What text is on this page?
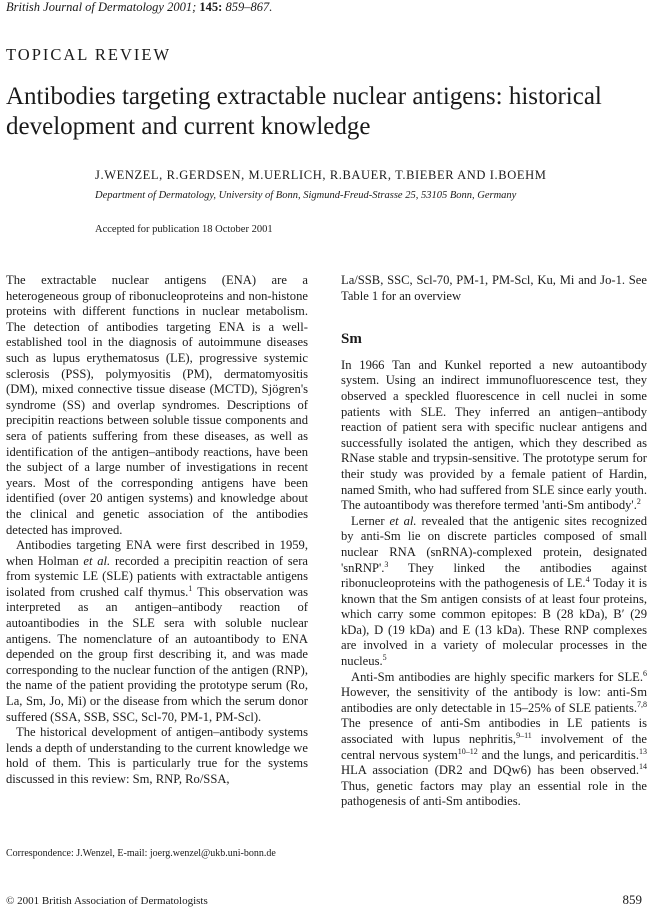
British Journal of Dermatology 2001; 145: 859–867.
TOPICAL REVIEW
Antibodies targeting extractable nuclear antigens: historical development and current knowledge
J.WENZEL, R.GERDSEN, M.UERLICH, R.BAUER, T.BIEBER AND I.BOEHM
Department of Dermatology, University of Bonn, Sigmund-Freud-Strasse 25, 53105 Bonn, Germany
Accepted for publication 18 October 2001

The extractable nuclear antigens (ENA) are a heterogeneous group of ribonucleoproteins and non-histone proteins with different functions in nuclear metabolism. The detection of antibodies targeting ENA is a well-established tool in the diagnosis of autoimmune diseases such as lupus erythematosus (LE), progressive systemic sclerosis (PSS), polymyositis (PM), dermatomyositis (DM), mixed connective tissue disease (MCTD), Sjögren's syndrome (SS) and overlap syndromes. Descriptions of precipitin reactions between soluble tissue components and sera of patients suffering from these diseases, as well as identification of the antigen–antibody reactions, have been the subject of a large number of investigations in recent years. Most of the corresponding antigens have been identified (over 20 antigen systems) and knowledge about the clinical and genetic association of the antibodies detected has improved.

Antibodies targeting ENA were first described in 1959, when Holman et al. recorded a precipitin reaction of sera from systemic LE (SLE) patients with extractable antigens isolated from crushed calf thymus.$^1$ This observation was interpreted as an antigen–antibody reaction of autoantibodies in the SLE sera with soluble nuclear antigens. The nomenclature of an autoantibody to ENA depended on the group first describing it, and was made corresponding to the nuclear function of the antigen (RNP), the name of the patient providing the prototype serum (Ro, La, Sm, Jo, Mi) or the disease from which the serum donor suffered (SSA, SSB, SSC, Scl-70, PM-1, PM-Scl).

The historical development of antigen–antibody systems lends a depth of understanding to the current knowledge we hold of them. This is particularly true for the systems discussed in this review: Sm, RNP, Ro/SSA,

La/SSB, SSC, Scl-70, PM-1, PM-Scl, Ku, Mi and Jo-1. See Table 1 for an overview

Sm

In 1966 Tan and Kunkel reported a new autoantibody system. Using an indirect immunofluorescence test, they observed a speckled fluorescence in cell nuclei in some patients with SLE. They inferred an antigen–antibody reaction of patient sera with specific nuclear antigens and successfully isolated the antigen, which they described as RNase stable and trypsin-sensitive. The prototype serum for their study was provided by a female patient of Hardin, named Smith, who had suffered from SLE since early youth. The autoantibody was therefore termed 'anti-Sm antibody'.$^2$

Lerner et al. revealed that the antigenic sites recognized by anti-Sm lie on discrete particles composed of small nuclear RNA (snRNA)-complexed protein, designated 'snRNP'.$^3$ They linked the antibodies against ribonucleoproteins with the pathogenesis of LE.$^4$ Today it is known that the Sm antigen consists of at least four proteins, which carry some common epitopes: B (28 kDa), B′ (29 kDa), D (19 kDa) and E (13 kDa). These RNP complexes are involved in a variety of molecular processes in the nucleus.$^5$

Anti-Sm antibodies are highly specific markers for SLE.$^6$ However, the sensitivity of the antibody is low: anti-Sm antibodies are only detectable in 15–25% of SLE patients.$^{7,8}$ The presence of anti-Sm antibodies in LE patients is associated with lupus nephritis,$^{9-11}$ involvement of the central nervous system$^{10-12}$ and the lungs, and pericarditis.$^{13}$ HLA association (DR2 and DQw6) has been observed.$^{14}$ Thus, genetic factors may play an essential role in the pathogenesis of anti-Sm antibodies.

Correspondence: J.Wenzel, E-mail: joerg.wenzel@ukb.uni-bonn.de
© 2001 British Association of Dermatologists	859
